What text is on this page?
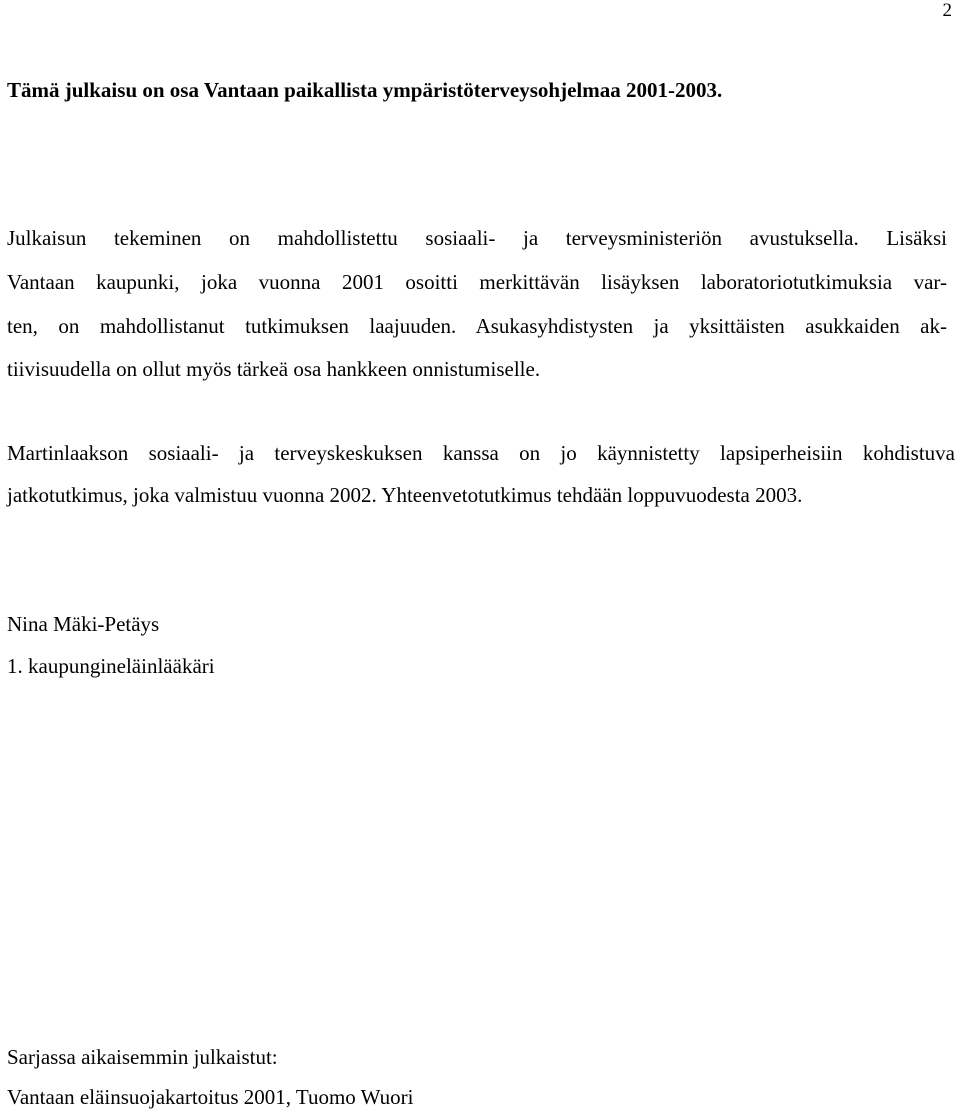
2

Tämä julkaisu on osa Vantaan paikallista ympäristöterveysohjelmaa 2001-2003.

Julkaisun tekeminen on mahdollistettu sosiaali- ja terveysministeriön avustuksella. Lisäksi
Vantaan kaupunki, joka vuonna 2001 osoitti merkittävän lisäyksen laboratoriotutkimuksia var-
ten, on mahdollistanut tutkimuksen laajuuden. Asukasyhdistysten ja yksittäisten asukkaiden ak-
tiivisuudella on ollut myös tärkeä osa hankkeen onnistumiselle.
Martinlaakson sosiaali- ja terveyskeskuksen kanssa on jo käynnistetty lapsiperheisiin kohdistuva
jatkotutkimus, joka valmistuu vuonna 2002. Yhteenvetotutkimus tehdään loppuvuodesta 2003.
Nina Mäki-Petäys
1. kaupungineläinlääkäri
Sarjassa aikaisemmin julkaistut:
Vantaan eläinsuojakartoitus 2001, Tuomo Wuori
